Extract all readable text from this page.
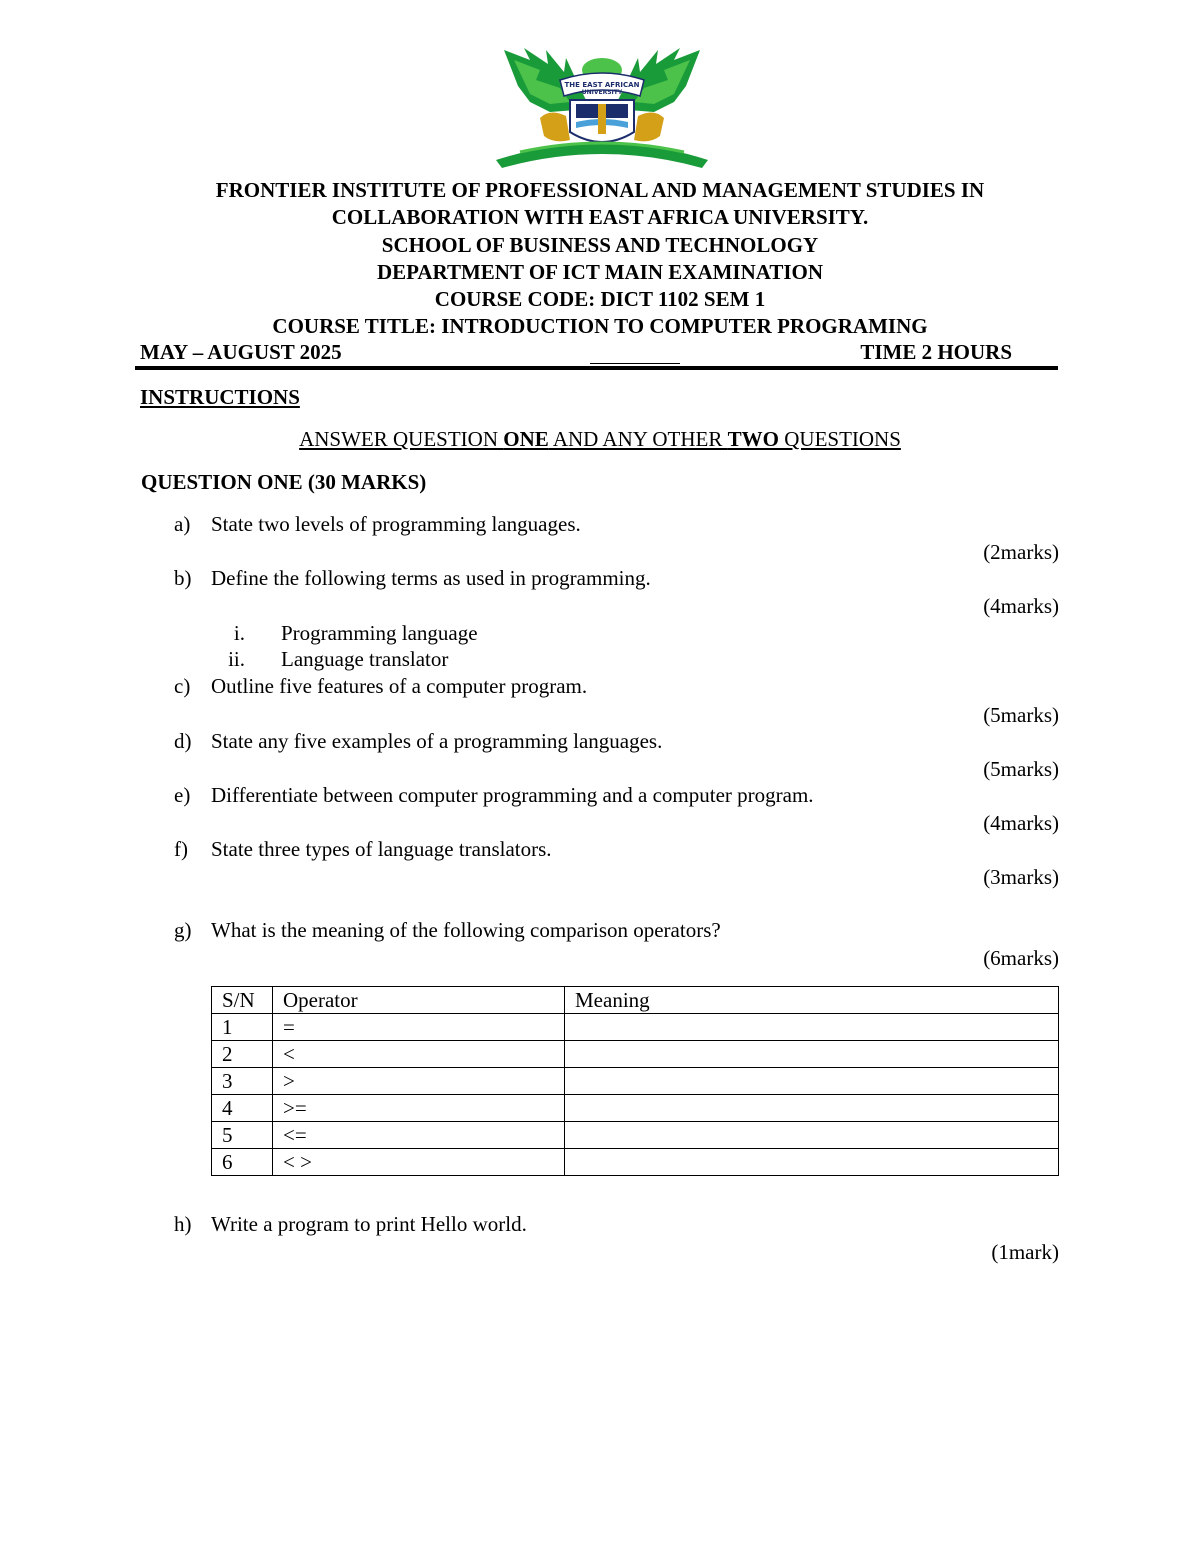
THE EAST AFRICAN
UNIVERSITY
FRONTIER INSTITUTE OF PROFESSIONAL AND MANAGEMENT STUDIES IN
COLLABORATION WITH EAST AFRICA UNIVERSITY.
SCHOOL OF BUSINESS AND TECHNOLOGY
DEPARTMENT OF ICT MAIN EXAMINATION
COURSE CODE: DICT 1102 SEM 1
COURSE TITLE: INTRODUCTION TO COMPUTER PROGRAMING
MAY – AUGUST 2025	TIME 2 HOURS
INSTRUCTIONS
ANSWER QUESTION ONE AND ANY OTHER TWO QUESTIONS
QUESTION ONE (30 MARKS)
a) State two levels of programming languages.
(2marks)
b) Define the following terms as used in programming.
(4marks)
i. Programming language
ii. Language translator
c) Outline five features of a computer program.
(5marks)
d) State any five examples of a programming languages.
(5marks)
e) Differentiate between computer programming and a computer program.
(4marks)
f)	State three types of language translators.
(3marks)
g) What is the meaning of the following comparison operators?
(6marks)
S/N	Operator	Meaning
1	=	
2	<	
3	>	
4	>=	
5	<=	
6	< >	
h) Write a program to print Hello world.
(1mark)
